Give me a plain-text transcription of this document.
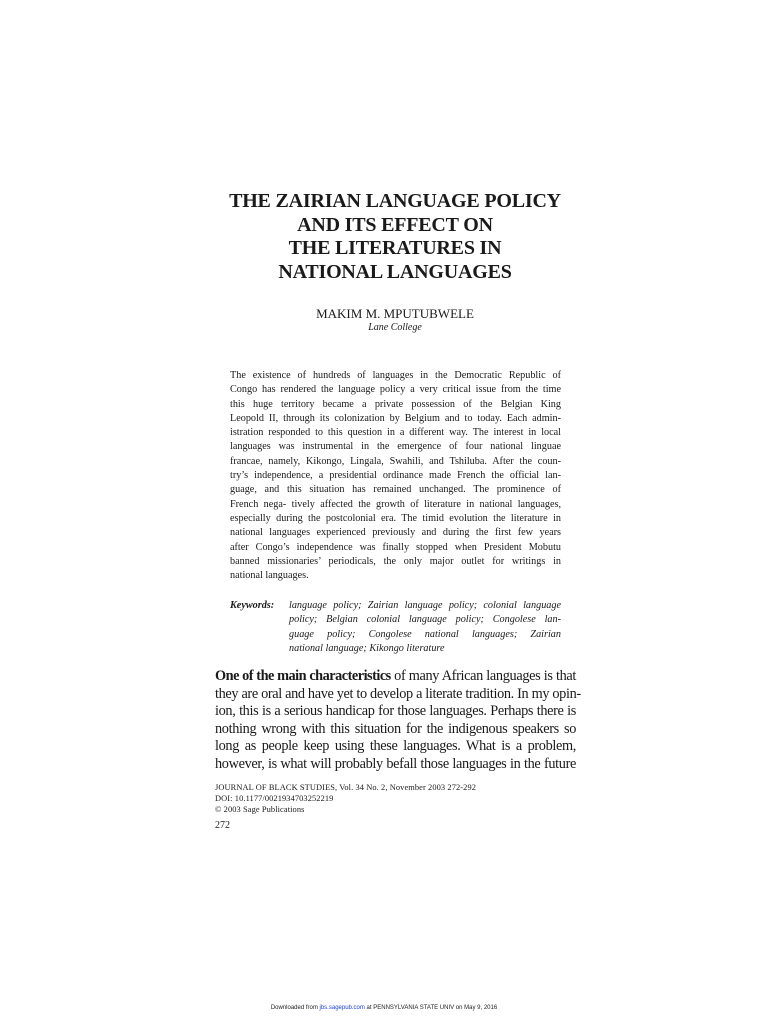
THE ZAIRIAN LANGUAGE POLICY
AND ITS EFFECT ON
THE LITERATURES IN
NATIONAL LANGUAGES
MAKIM M. MPUTUBWELE
Lane College
The existence of hundreds of languages in the Democratic Republic of
Congo has rendered the language policy a very critical issue from the time
this huge territory became a private possession of the Belgian King
Leopold II, through its colonization by Belgium and to today. Each admin-
istration responded to this question in a different way. The interest in local
languages was instrumental in the emergence of four national linguae
francae, namely, Kikongo, Lingala, Swahili, and Tshiluba. After the coun-
try’s independence, a presidential ordinance made French the official lan-
guage, and this situation has remained unchanged. The prominence of
French nega- tively affected the growth of literature in national languages,
especially during the postcolonial era. The timid evolution the literature in
national languages experienced previously and during the first few years
after Congo’s independence was finally stopped when President Mobutu
banned missionaries’ periodicals, the only major outlet for writings in
national languages.
Keywords: language policy; Zairian language policy; colonial language
policy; Belgian colonial language policy; Congolese lan-
guage policy; Congolese national languages; Zairian
national language; Kikongo literature
One of the main characteristics of many African languages is that
they are oral and have yet to develop a literate tradition. In my opin-
ion, this is a serious handicap for those languages. Perhaps there is
nothing wrong with this situation for the indigenous speakers so
long as people keep using these languages. What is a problem,
however, is what will probably befall those languages in the future
JOURNAL OF BLACK STUDIES, Vol. 34 No. 2, November 2003 272-292
DOI: 10.1177/0021934703252219
© 2003 Sage Publications
272
Downloaded from jbs.sagepub.com at PENNSYLVANIA STATE UNIV on May 9, 2016
